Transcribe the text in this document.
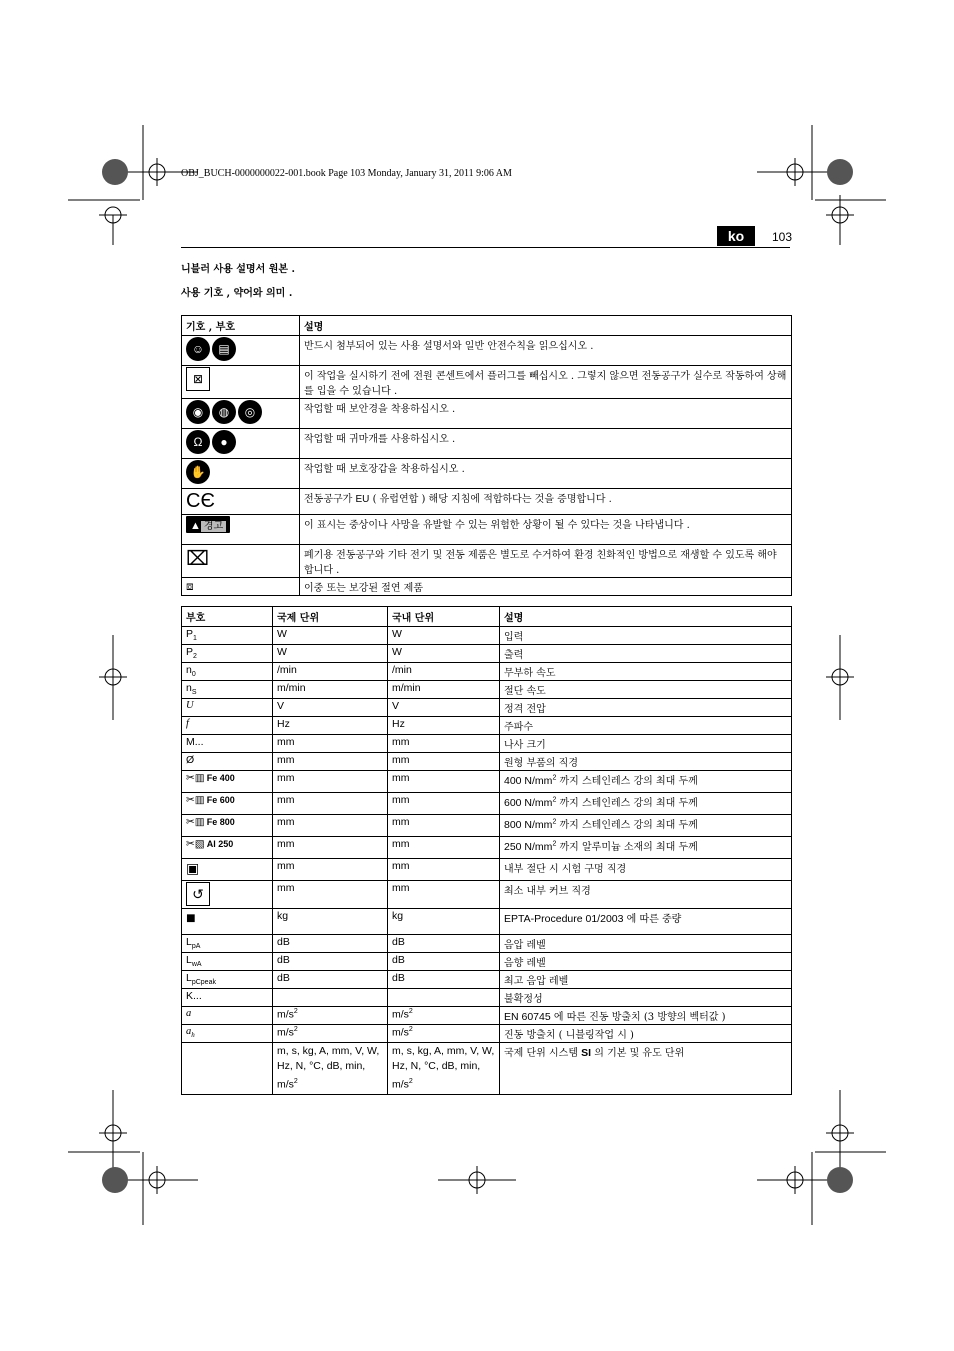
OBJ_BUCH-0000000022-001.book Page 103 Monday, January 31, 2011 9:06 AM
ko	103
니블러 사용 설명서 원본 .
사용 기호 , 약어와 의미 .
기호 , 부호	설명
☺ ▤	반드시 첨부되어 있는 사용 설명서와 일반 안전수칙을 읽으십시오 .
⊠	이 작업을 실시하기 전에 전원 콘센트에서 플러그를 빼십시오 . 그렇지 않으면 전동공구가 실수로 작동하여 상해를 입을 수 있습니다 .
◉ ◍ ◎	작업할 때 보안경을 착용하십시오 .
Ω ●	작업할 때 귀마개를 사용하십시오 .
✋	작업할 때 보호장갑을 착용하십시오 .
C​Є	전동공구가 EU ( 유럽연합 ) 해당 지침에 적합하다는 것을 증명합니다 .
▲ 경고	이 표시는 중상이나 사망을 유발할 수 있는 위험한 상황이 될 수 있다는 것을 나타냅니다 .
⌧	폐기용 전동공구와 기타 전기 및 전동 제품은 별도로 수거하여 환경 친화적인 방법으로 재생할 수 있도록 해야 합니다 .
⧈	이중 또는 보강된 절연 제품
부호	국제 단위	국내 단위	설명
$P_1$	W	W	입력
$P_2$	W	W	출력
$n_0$	/min	/min	무부하 속도
$n_S$	m/min	m/min	절단 속도
U	V	V	정격 전압
f	Hz	Hz	주파수
M...	mm	mm	나사 크기
Ø	mm	mm	원형 부품의 직경
✂▥ Fe 400	mm	mm	400 $N/mm^2$ 까지 스테인레스 강의 최대 두께
✂▥ Fe 600	mm	mm	600 $N/mm^2$ 까지 스테인레스 강의 최대 두께
✂▥ Fe 800	mm	mm	800 $N/mm^2$ 까지 스테인레스 강의 최대 두께
✂▧ Al 250	mm	mm	250 $N/mm^2$ 까지 알루미늄 소재의 최대 두께
▣	mm	mm	내부 절단 시 시험 구멍 직경
↺	mm	mm	최소 내부 커브 직경
■	kg	kg	EPTA-Procedure 01/2003 에 따른 중량
$L_{pA}$	dB	dB	음압 레벨
$L_{wA}$	dB	dB	음향 레벨
$L_{pCpeak}$	dB	dB	최고 음압 레벨
K...			불확정성
a	$m/s^2$	$m/s^2$	EN 60745 에 따른 진동 방출치 (3 방향의 벡터값 )
$a_h$	$m/s^2$	$m/s^2$	진동 방출치 ( 니블링작업 시 )
	m, s, kg, A, mm, V, W, Hz, N, °C, dB, min, $m/s^2$	m, s, kg, A, mm, V, W, Hz, N, °C, dB, min, $m/s^2$	국제 단위 시스템 SI 의 기본 및 유도 단위
